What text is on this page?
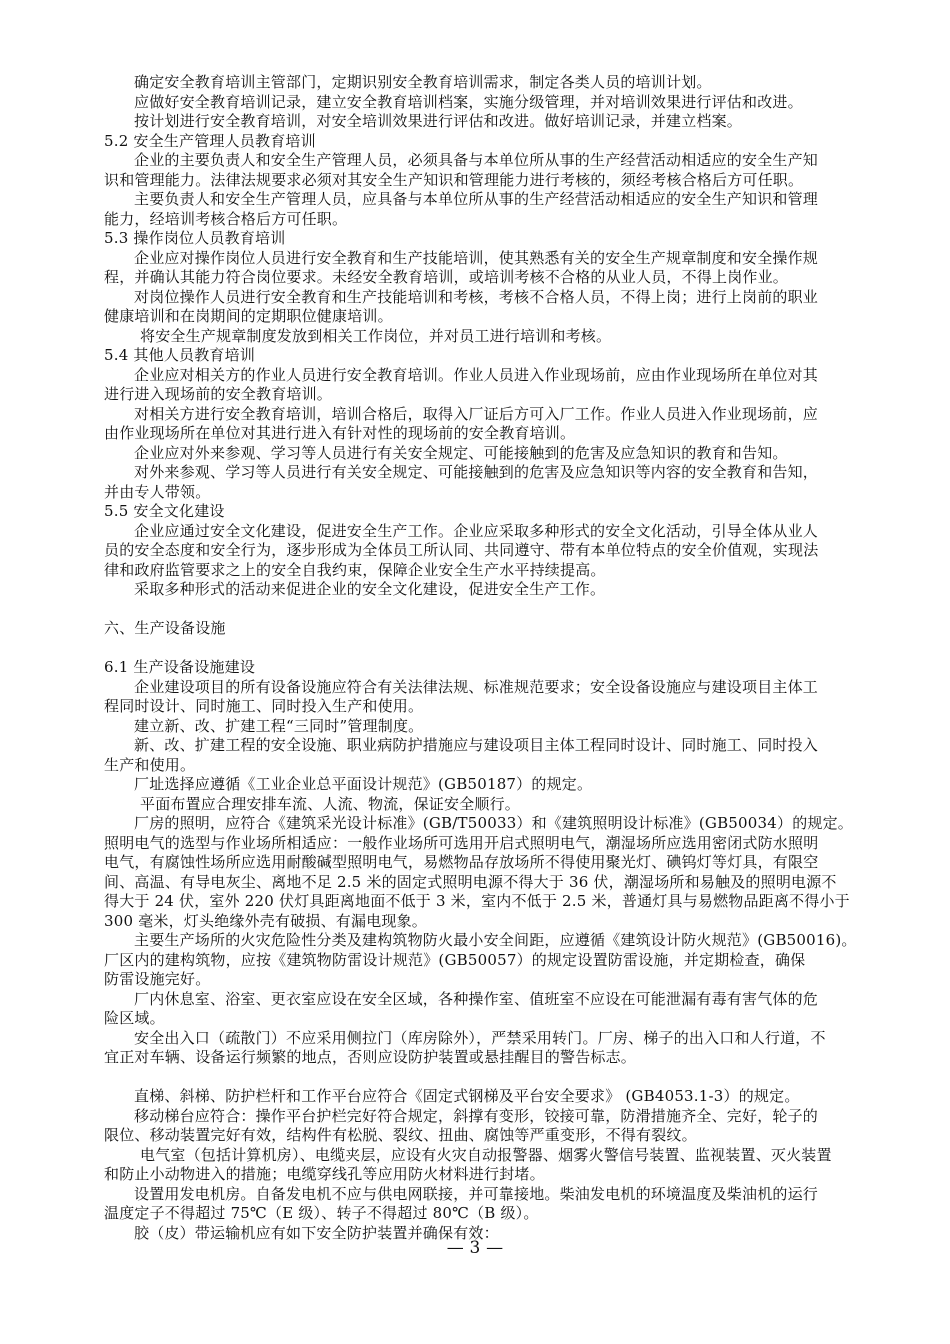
确定安全教育培训主管部门，定期识别安全教育培训需求，制定各类人员的培训计划。
应做好安全教育培训记录，建立安全教育培训档案，实施分级管理，并对培训效果进行评估和改进。
按计划进行安全教育培训，对安全培训效果进行评估和改进。做好培训记录，并建立档案。
5.2 安全生产管理人员教育培训
企业的主要负责人和安全生产管理人员，必须具备与本单位所从事的生产经营活动相适应的安全生产知
识和管理能力。法律法规要求必须对其安全生产知识和管理能力进行考核的，须经考核合格后方可任职。
主要负责人和安全生产管理人员，应具备与本单位所从事的生产经营活动相适应的安全生产知识和管理
能力，经培训考核合格后方可任职。
5.3 操作岗位人员教育培训
企业应对操作岗位人员进行安全教育和生产技能培训，使其熟悉有关的安全生产规章制度和安全操作规
程，并确认其能力符合岗位要求。未经安全教育培训，或培训考核不合格的从业人员，不得上岗作业。
对岗位操作人员进行安全教育和生产技能培训和考核，考核不合格人员，不得上岗；进行上岗前的职业
健康培训和在岗期间的定期职位健康培训。
将安全生产规章制度发放到相关工作岗位，并对员工进行培训和考核。
5.4 其他人员教育培训
企业应对相关方的作业人员进行安全教育培训。作业人员进入作业现场前，应由作业现场所在单位对其
进行进入现场前的安全教育培训。
对相关方进行安全教育培训，培训合格后，取得入厂证后方可入厂工作。作业人员进入作业现场前，应
由作业现场所在单位对其进行进入有针对性的现场前的安全教育培训。
企业应对外来参观、学习等人员进行有关安全规定、可能接触到的危害及应急知识的教育和告知。
对外来参观、学习等人员进行有关安全规定、可能接触到的危害及应急知识等内容的安全教育和告知，
并由专人带领。
5.5 安全文化建设
企业应通过安全文化建设，促进安全生产工作。企业应采取多种形式的安全文化活动，引导全体从业人
员的安全态度和安全行为，逐步形成为全体员工所认同、共同遵守、带有本单位特点的安全价值观，实现法
律和政府监管要求之上的安全自我约束，保障企业安全生产水平持续提高。
采取多种形式的活动来促进企业的安全文化建设，促进安全生产工作。
六、生产设备设施
6.1 生产设备设施建设
企业建设项目的所有设备设施应符合有关法律法规、标准规范要求；安全设备设施应与建设项目主体工
程同时设计、同时施工、同时投入生产和使用。
建立新、改、扩建工程“三同时”管理制度。
新、改、扩建工程的安全设施、职业病防护措施应与建设项目主体工程同时设计、同时施工、同时投入
生产和使用。
厂址选择应遵循《工业企业总平面设计规范》(GB50187）的规定。
平面布置应合理安排车流、人流、物流，保证安全顺行。
厂房的照明，应符合《建筑采光设计标准》(GB/T50033）和《建筑照明设计标准》(GB50034）的规定。
照明电气的选型与作业场所相适应：一般作业场所可选用开启式照明电气，潮湿场所应选用密闭式防水照明
电气，有腐蚀性场所应选用耐酸碱型照明电气，易燃物品存放场所不得使用聚光灯、碘钨灯等灯具，有限空
间、高温、有导电灰尘、离地不足 2.5 米的固定式照明电源不得大于 36 伏，潮湿场所和易触及的照明电源不
得大于 24 伏，室外 220 伏灯具距离地面不低于 3 米，室内不低于 2.5 米，普通灯具与易燃物品距离不得小于
300 毫米，灯头绝缘外壳有破损、有漏电现象。
主要生产场所的火灾危险性分类及建构筑物防火最小安全间距，应遵循《建筑设计防火规范》(GB50016)。
厂区内的建构筑物，应按《建筑物防雷设计规范》(GB50057）的规定设置防雷设施，并定期检查，确保
防雷设施完好。
厂内休息室、浴室、更衣室应设在安全区域，各种操作室、值班室不应设在可能泄漏有毒有害气体的危
险区域。
安全出入口（疏散门）不应采用侧拉门（库房除外），严禁采用转门。厂房、梯子的出入口和人行道，不
宜正对车辆、设备运行频繁的地点，否则应设防护装置或悬挂醒目的警告标志。
直梯、斜梯、防护栏杆和工作平台应符合《固定式钢梯及平台安全要求》 (GB4053.1-3）的规定。
移动梯台应符合：操作平台护栏完好符合规定，斜撑有变形，铰接可靠，防滑措施齐全、完好，轮子的
限位、移动装置完好有效，结构件有松脱、裂纹、扭曲、腐蚀等严重变形，不得有裂纹。
电气室（包括计算机房）、电缆夹层，应设有火灾自动报警器、烟雾火警信号装置、监视装置、灭火装置
和防止小动物进入的措施；电缆穿线孔等应用防火材料进行封堵。
设置用发电机房。自备发电机不应与供电网联接，并可靠接地。柴油发电机的环境温度及柴油机的运行
温度定子不得超过 75℃（E 级）、转子不得超过 80℃（B 级）。
胶（皮）带运输机应有如下安全防护装置并确保有效：
— 3 —
